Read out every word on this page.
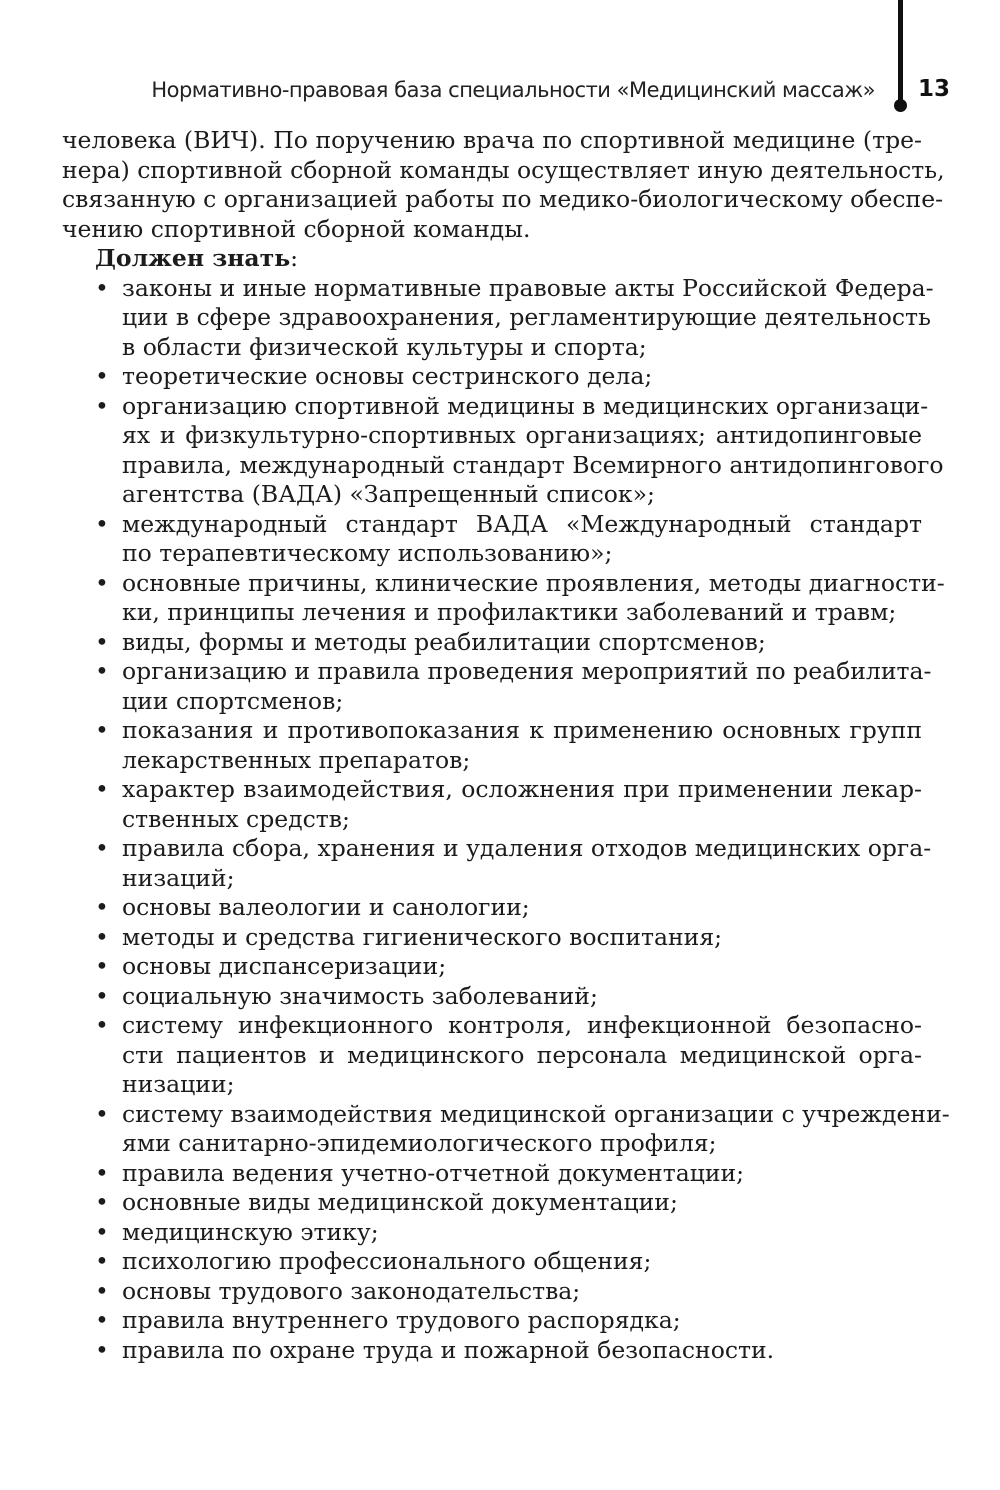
Нормативно-правовая база специальности «Медицинский массаж» 13
человека (ВИЧ). По поручению врача по спортивной медицине (тре-
нера) спортивной сборной команды осуществляет иную деятельность,
связанную с организацией работы по медико-биологическому обеспе-
чению спортивной сборной команды.
Должен знать:
• законы и иные нормативные правовые акты Российской Федера-
ции в сфере здравоохранения, регламентирующие деятельность
в области физической культуры и спорта;
• теоретические основы сестринского дела;
• организацию спортивной медицины в медицинских организаци-
ях и физкультурно-спортивных организациях; антидопинговые
правила, международный стандарт Всемирного антидопингового
агентства (ВАДА) «Запрещенный список»;
• международный стандарт ВАДА «Международный стандарт
по терапевтическому использованию»;
• основные причины, клинические проявления, методы диагности-
ки, принципы лечения и профилактики заболеваний и травм;
• виды, формы и методы реабилитации спортсменов;
• организацию и правила проведения мероприятий по реабилита-
ции спортсменов;
• показания и противопоказания к применению основных групп
лекарственных препаратов;
• характер взаимодействия, осложнения при применении лекар-
ственных средств;
• правила сбора, хранения и удаления отходов медицинских орга-
низаций;
• основы валеологии и санологии;
• методы и средства гигиенического воспитания;
• основы диспансеризации;
• социальную значимость заболеваний;
• систему инфекционного контроля, инфекционной безопасно-
сти пациентов и медицинского персонала медицинской орга-
низации;
• систему взаимодействия медицинской организации с учреждени-
ями санитарно-эпидемиологического профиля;
• правила ведения учетно-отчетной документации;
• основные виды медицинской документации;
• медицинскую этику;
• психологию профессионального общения;
• основы трудового законодательства;
• правила внутреннего трудового распорядка;
• правила по охране труда и пожарной безопасности.
